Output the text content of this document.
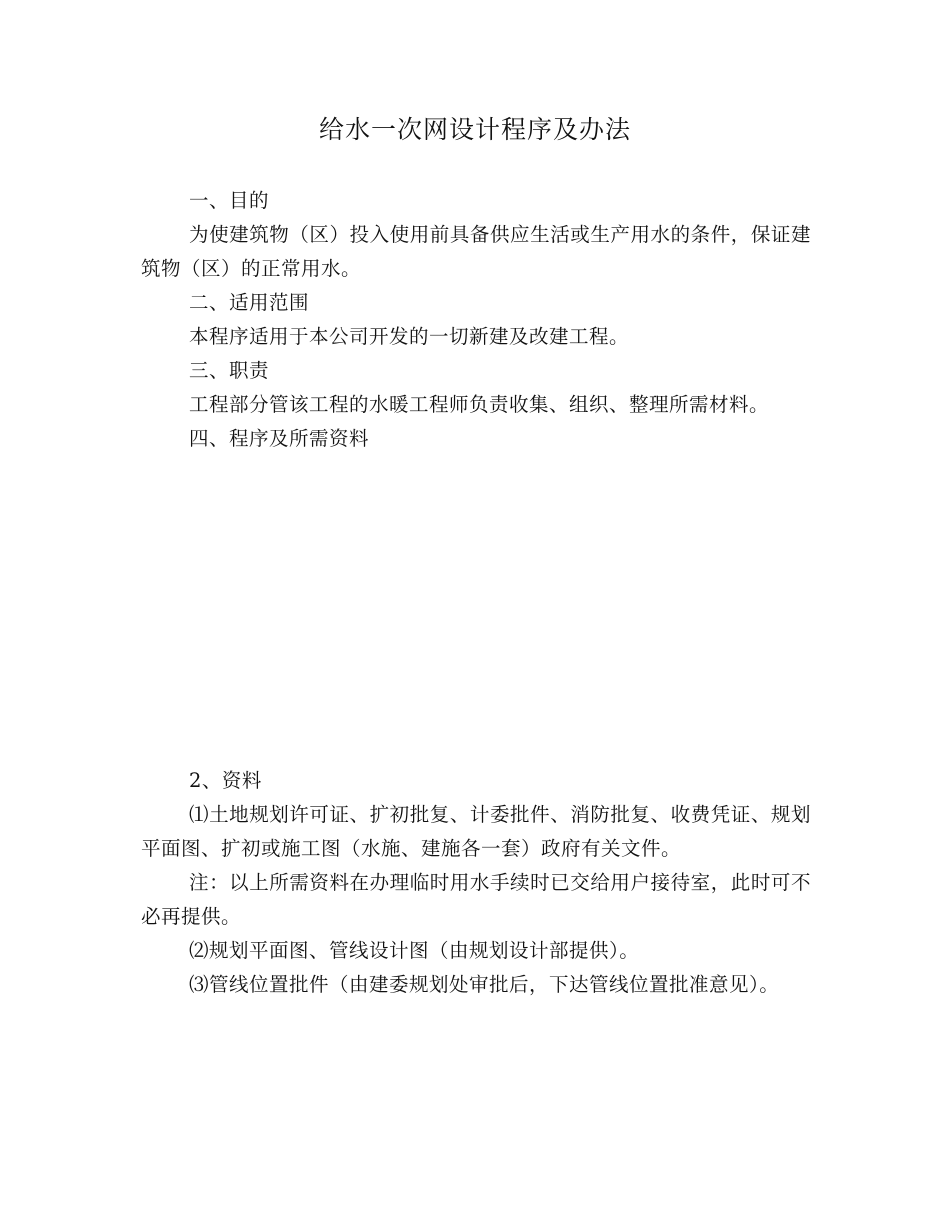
给水一次网设计程序及办法

一、目的

为使建筑物（区）投入使用前具备供应生活或生产用水的条件，保证建筑物（区）的正常用水。

二、适用范围

本程序适用于本公司开发的一切新建及改建工程。

三、职责

工程部分管该工程的水暖工程师负责收集、组织、整理所需材料。

四、程序及所需资料

2、资料

⑴土地规划许可证、扩初批复、计委批件、消防批复、收费凭证、规划平面图、扩初或施工图（水施、建施各一套）政府有关文件。

注：以上所需资料在办理临时用水手续时已交给用户接待室，此时可不必再提供。

⑵规划平面图、管线设计图（由规划设计部提供）。

⑶管线位置批件（由建委规划处审批后，下达管线位置批准意见）。
